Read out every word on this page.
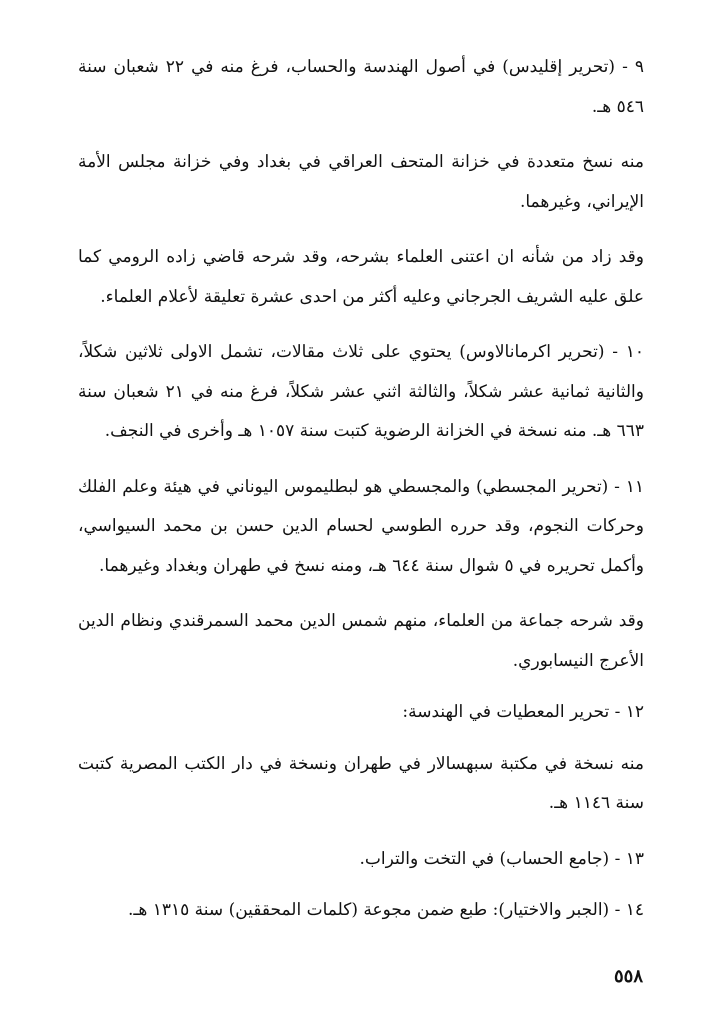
٩ - (تحرير إقليدس) في أصول الهندسة والحساب، فرغ منه في ٢٢ شعبان سنة ٥٤٦ هـ.

منه نسخ متعددة في خزانة المتحف العراقي في بغداد وفي خزانة مجلس الأمة الإيراني، وغيرهما.

وقد زاد من شأنه ان اعتنى العلماء بشرحه، وقد شرحه قاضي زاده الرومي كما علق عليه الشريف الجرجاني وعليه أكثر من احدى عشرة تعليقة لأعلام العلماء.

١٠ - (تحرير اكرمانالاوس) يحتوي على ثلاث مقالات، تشمل الاولى ثلاثين شكلاً، والثانية ثمانية عشر شكلاً، والثالثة اثني عشر شكلاً، فرغ منه في ٢١ شعبان سنة ٦٦٣ هـ. منه نسخة في الخزانة الرضوية كتبت سنة ١٠٥٧ هـ وأخرى في النجف.

١١ - (تحرير المجسطي) والمجسطي هو لبطليموس اليوناني في هيئة وعلم الفلك وحركات النجوم، وقد حرره الطوسي لحسام الدين حسن بن محمد السيواسي، وأكمل تحريره في ٥ شوال سنة ٦٤٤ هـ، ومنه نسخ في طهران وبغداد وغيرهما.

وقد شرحه جماعة من العلماء، منهم شمس الدين محمد السمرقندي ونظام الدين الأعرج النيسابوري.

١٢ - تحرير المعطيات في الهندسة:

منه نسخة في مكتبة سبهسالار في طهران ونسخة في دار الكتب المصرية كتبت سنة ١١٤٦ هـ.

١٣ - (جامع الحساب) في التخت والتراب.

١٤ - (الجبر والاختيار): طبع ضمن مجوعة (كلمات المحققين) سنة ١٣١٥ هـ.

٥٥٨
